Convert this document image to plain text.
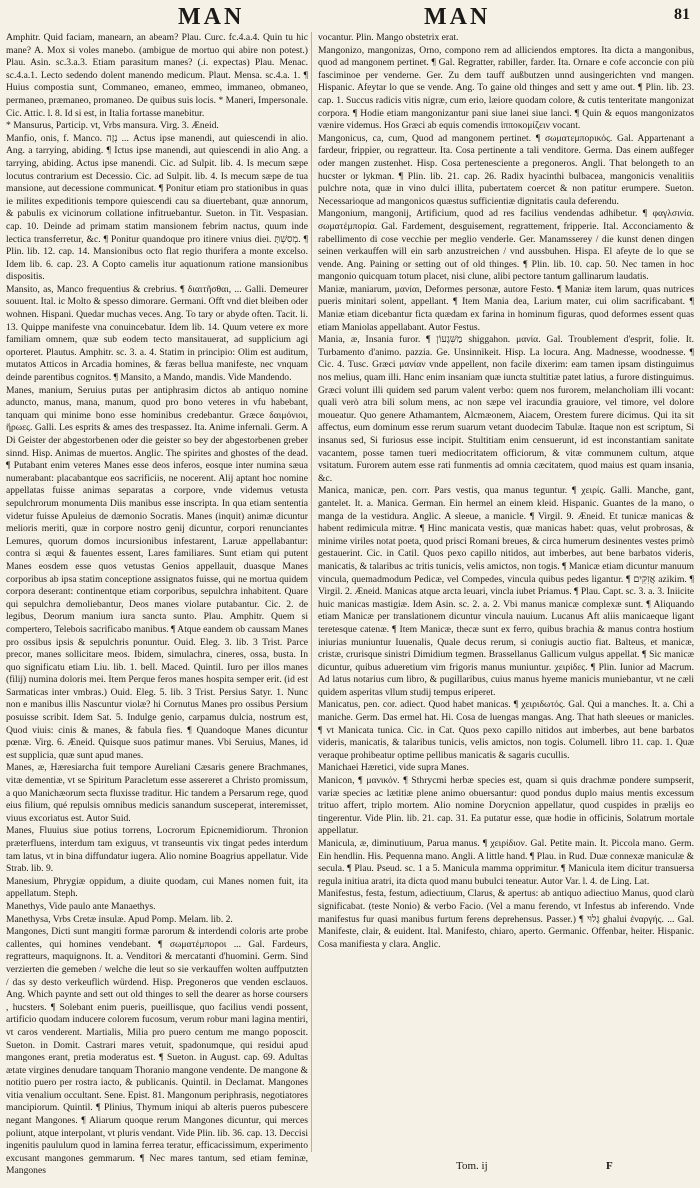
MAN	MAN	81

Amphitr. Quid faciam, manearn, an abeam? Plau. Curc. fc.4.a.4. Quin tu hic mane? A. Mox si voles manebo. (ambigue de mortuo qui abire non potest.) Plau. Asin. sc.3.a.3. Etiam parasitum manes? (.i. expectas) Plau. Menac. sc.4.a.1. Lecto sedendo dolent manendo medicum. Plaut. Mensa. sc.4.a. 1. ¶ Huius compostia sunt, Commaneo, emaneo, emmeo, immaneo, obmaneo, permaneo, præmaneo, promaneo. De quibus suis locis. * Maneri, Impersonale. Cic. Attic. l. 8. Id si est, in Italia fortasse manebitur.

* Mansurus, Particip. vt, Vrbs mansura. Virg. 3. Æneid.

Manfio, onis, f. Manco. נְזָה ... Actus ipse manendi, aut quiescendi in alio. Ang. a tarrying, abiding. ¶ Ictus ipse manendi, aut quiescendi in alio Ang. a tarrying, abiding. Actus ipse manendi. Cic. ad Sulpit. lib. 4. Is mecum sæpe locutus contrarium est Decessio. Cic. ad Sulpit. lib. 4. Is mecum sæpe de tua mansione, aut decessione communicat. ¶ Ponitur etiam pro stationibus in quas ie milites expeditionis tempore quiescendi cau sa diuertebant, quæ annorum, & pabulis ex vicinorum collatione infitruebantur. Sueton. in Tit. Vespasian. cap. 10. Deinde ad primam statim mansionem febrim nactus, quum inde lectica transferretur, &c. ¶ Ponitur quandoque pro itinere vnius diei. מְסִשְׁתָּ. ¶ Plin. lib. 12. cap. 14. Mansionibus octo flat regio thurifera a monte excelso. Idem lib. 6. cap. 23. A Copto camelis itur aquationum ratione mansionibus dispositis.

Mansito, as, Manco frequentius & crebrius. ¶ διαιτῆσθαι, ... Galli. Demeurer souuent. Ital. ic Molto & spesso dimorare. Germani. Offt vnd diet bleiben oder wohnen. Hispani. Quedar muchas veces. Ang. To tary or abyde often. Tacit. li. 13. Quippe manifeste vna conuincebatur. Idem lib. 14. Quum vetere ex more familiam omnem, quæ sub eodem tecto mansitauerat, ad supplicium agi oporteret. Plautus. Amphitr. sc. 3. a. 4. Statim in principio: Olim est auditum, mutatos Atticos in Arcadia homines, & færas bellua manifeste, nec vnquam deinde parentibus cognitos. ¶ Mansito, a Mando, mandis. Vide Mandendo.

Manes, manium, Seruius putas per antiphrasim dictos ab antiquo nomine aduncto, manus, mana, manum, quod pro bono veteres in vfu habebant, tanquam qui minime bono esse hominibus credebantur. Græce δαιμόνιοι, ἥρωες. Galli. Les esprits & ames des trespassez. Ita. Anime infernali. Germ. A Di Geister der abgestorbenen oder die geister so bey der abgestorbenen greber sinnd. Hisp. Animas de muertos. Anglic. The spirites and ghostes of the dead. ¶ Putabant enim veteres Manes esse deos inferos, eosque inter numina sæua numerabant: placabantque eos sacrificiis, ne nocerent. Alij aptant hoc nomine appellatas fuisse animas separatas a corpore, vnde videmus vetusta sepulchrorum monumenta Diis manibus esse inscripta. In qua etiam sententia videtur fuisse Apuleius de dæmonio Socratis. Manes (inquit) animæ dicuntur melioris meriti, quæ in corpore nostro genij dicuntur, corpori renunciantes Lemures, quorum domos incursionibus infestarent, Laruæ appellabantur: contra si æqui & fauentes essent, Lares familiares. Sunt etiam qui putent Manes eosdem esse quos vetustas Genios appellauit, duasque Manes corporibus ab ipsa statim conceptione assignatos fuisse, qui ne mortua quidem corpora deserant: continentque etiam corporibus, sepulchra inhabitent. Quare qui sepulchra demoliebantur, Deos manes violare putabantur. Cic. 2. de legibus, Deorum manium iura sancta sunto. Plau. Amphitr. Quem si compertero, Telebois sacrificabo manibus. ¶ Atque eandem ob caussam Manes pro ossibus ipsis & sepulchris ponuntur. Ouid. Eleg. 3. lib. 3 Trist. Parce precor, manes sollicitare meos. Ibidem, simulachra, cineres, ossa, busta. In quo significatu etiam Liu. lib. 1. bell. Maced. Quintil. Iuro per illos manes (filij) numina doloris mei. Item Perque feros manes hospita semper erit. (id est Sarmaticas inter vmbras.) Ouid. Eleg. 5. lib. 3 Trist. Persius Satyr. 1. Nunc non e manibus illis Nascuntur violæ? hi Cornutus Manes pro ossibus Persium posuisse scribit. Idem Sat. 5. Indulge genio, carpamus dulcia, nostrum est, Quod viuis: cinis & manes, & fabula fies. ¶ Quandoque Manes dicuntur pœnæ. Virg. 6. Æneid. Quisque suos patimur manes. Vbi Seruius, Manes, id est supplicia, quæ sunt apud manes.

Manes, æ, Hæresiarcha fuit tempore Aureliani Cæsaris genere Brachmanes, vitæ dementiæ, vt se Spiritum Paracletum esse assereret a Christo promissum, a quo Manichæorum secta fluxisse traditur. Hic tandem a Persarum rege, quod eius filium, qué repulsis omnibus medicis sanandum susceperat, interemisset, viuus excoriatus est. Autor Suid.

Manes, Fluuius siue potius torrens, Locrorum Epicnemidiorum. Thronion præterfluens, interdum tam exiguus, vt transeuntis vix tingat pedes interdum tam latus, vt in bina diffundatur iugera. Alio nomine Boagrius appellatur. Vide Strab. lib. 9.

Manesium, Phrygiæ oppidum, a diuite quodam, cui Manes nomen fuit, ita appellatum. Steph.

Manethys, Vide paulo ante Manaethys.

Manethysa, Vrbs Cretæ insulæ. Apud Pomp. Melam. lib. 2.

Mangones, Dicti sunt mangiti formæ parorum & interdendi coloris arte probe callentes, qui homines vendebant. ¶ σωματέμποροι ... Gal. Fardeurs, regratteurs, maquignons. It. a. Venditori & mercatanti d'huomini. Germ. Sind verzierten die gemeben / welche die leut so sie verkauffen wolten auffputzten / das sy desto verkeuflich würdend. Hisp. Pregoneros que venden esclauos. Ang. Which paynte and sett out old thinges to sell the dearer as horse coursers , hucsters. ¶ Solebant enim pueris, pueillisque, quo facilius vendi possent, artificio quodam inducere colorem fucosum, verum robur mani lagina mentiri, vt caros venderent. Martialis, Milia pro puero centum me mango poposcit. Sueton. in Domit. Castrari mares vetuit, spadonumque, qui residui apud mangones erant, pretia moderatus est. ¶ Sueton. in August. cap. 69. Adultas ætate virgines denudare tanquam Thoranio mangone vendente. De mangone & notitio puero per rostra iacto, & publicanis. Quintil. in Declamat. Mangones vitia venalium occultant. Sene. Epist. 81. Mangonum periphrasis, negotiatores mancipiorum. Quintil. ¶ Plinius, Thymum iniqui ab alteris pueros pubescere negant Mangones. ¶ Aliarum quoque rerum Mangones dicuntur, qui merces poliunt, atque interpolant, vt pluris vendant. Vide Plin. lib. 36. cap. 13. Deccisi ingenitis paululum quod in lamina ferrea teratur, efficacissimum, experimento excusant mangones gemmarum. ¶ Nec mares tantum, sed etiam feminæ, Mangones

vocantur. Plin. Mango obstetrix erat.

Mangonizo, mangonizas, Orno, compono rem ad alliciendos emptores. Ita dicta a mangonibus, quod ad mangonem pertinet. ¶ Gal. Regratter, rabiller, farder. Ita. Ornare e cofe acconcie con più fasciminoe per venderne. Ger. Zu dem tauff außbutzen unnd ausingerichten vnd mangen. Hispanic. Afeytar lo que se vende. Ang. To gaine old thinges and sett y ame out. ¶ Plin. lib. 23. cap. 1. Succus radicis vitis nigræ, cum erio, læiore quodam colore, & cutis tenteritate mangonizat corpora. ¶ Hodie etiam mangonizantur pani siue lanei siue lanci. ¶ Quin & equos mangonizatos vænire videmus. Hos Græci ab equis comendis ἱπποκομίζειν vocant.

Mangonicus, ca, cum, Quod ad mangonem pertinet. ¶ σωματεμπορικός. Gal. Appartenant a fardeur, frippier, ou regratteur. Ita. Cosa pertinente a tali venditore. Germa. Das einem außfeger oder mangen zustenhet. Hisp. Cosa pertenesciente a pregoneros. Angli. That belongeth to an hucster or lykman. ¶ Plin. lib. 21. cap. 26. Radix hyacinthi bulbacea, mangonicis venalitiis pulchre nota, quæ in vino dulci illita, pubertatem coercet & non patitur erumpere. Sueton. Necessarioque ad mangonicos quæstus sufficientiæ dignitatis caula deferendu.

Mangonium, mangonij, Artificium, quod ad res facilius vendendas adhibetur. ¶ φαγλσινία. σωματέμπορία. Gal. Fardement, desguisement, regrattement, fripperie. Ital. Acconciamento & rabellimento di cose vecchie per meglio venderle. Ger. Manamsserey / die kunst denen dingen seinen verkauffen will ein sarb anzustreichen / vnd aussbuhen. Hispa. El afeyte de lo que se vende. Ang. Paining or setting out of old thinges. ¶ Plin. lib. 10. cap. 50. Nec tamen in hoc mangonio quicquam totum placet, nisi clune, alibi pectore tantum gallinarum laudatis.

Maniæ, maniarum, μανίαι, Deformes personæ, autore Festo. ¶ Maniæ item larum, quas nutrices pueris minitari solent, appellant. ¶ Item Mania dea, Larium mater, cui olim sacrificabant. ¶ Maniæ etiam dicebantur ficta quædam ex farina in hominum figuras, quod deformes essent quas etiam Maniolas appellabant. Autor Festus.

Mania, æ, Insania furor. ¶ מַשִּׁגָעוֹן shiggahon. μανία. Gal. Troublement d'esprit, folie. It. Turbamento d'animo. pazzia. Ge. Unsinnikeit. Hisp. La locura. Ang. Madnesse, woodnesse. ¶ Cic. 4. Tusc. Græci μανίαν vnde appellent, non facile dixerim: eam tamen ipsam distinguimus nos melius, quam illi. Hanc enim insaniam quæ iuncta stultitiæ patet latius, a furore distinguimus. Græci volunt illi quidem sed parum valent verbo: quem nos furorem, melancholiam illi vocant: quali verò atra bili solum mens, ac non sæpe vel iracundia grauiore, vel timore, vel dolore moueatur. Quo genere Athamantem, Alcmæonem, Aiacem, Orestem furere dicimus. Qui ita sit affectus, eum dominum esse rerum suarum vetant duodecim Tabulæ. Itaque non est scriptum, Si insanus sed, Si furiosus esse incipit. Stultitiam enim censuerunt, id est inconstantiam sanitate vacantem, posse tamen tueri mediocritatem officiorum, & vitæ communem cultum, atque vsitatum. Furorem autem esse rati funmentis ad omnia cæcitatem, quod maius est quam insania, &c.

Manica, manicæ, pen. corr. Pars vestis, qua manus teguntur. ¶ χειρίς. Galli. Manche, gant, gantelet. It. a. Manica. German. Ein hermel an einem kleid. Hispanic. Guantes de la mano, o manga de la vestidura. Anglic. A sleeue, a manicle. ¶ Virgil. 9. Æneid. Et tunicæ manicas & habent redimicula mitræ. ¶ Hinc manicata vestis, quæ manicas habet: quas, velut probrosas, & minime viriles notat poeta, quod prisci Romani breues, & circa humerum desinentes vestes primò gestauerint. Cic. in Catil. Quos pexo capillo nitidos, aut imberbes, aut bene barbatos videris, manicatis, & talaribus ac tritis tunicis, velis amictos, non togis. ¶ Manicæ etiam dicuntur manuum vincula, quemadmodum Pedicæ, vel Compedes, vincula quibus pedes ligantur. ¶ אֲזִקִּים azikim. ¶ Virgil. 2. Æneid. Manicas atque arcta leuari, vincla iubet Priamus. ¶ Plau. Capt. sc. 3. a. 3. Iniicite huic manicas mastigiæ. Idem Asin. sc. 2. a. 2. Vbi manus manicæ complexæ sunt. ¶ Aliquando etiam Manicæ per translationem dicuntur vincula nauium. Lucanus Aft aliis manicaeque ligant teretesque catenæ. ¶ Item Manicæ, thecæ sunt ex ferro, quibus brachia & manus contra hostium iniurias muniuntur Iuuenalis, Quale decus rerum, si coniugis auctio fiat. Balteus, et manicæ, cristæ, crurisque sinistri Dimidium tegmen. Brassellanus Gallicum vulgus appellat. ¶ Sic manicæ dicuntur, quibus adueretium vim frigoris manus muniuntur. χειρίδες. ¶ Plin. Iunior ad Macrum. Ad latus notarius cum libro, & pugillaribus, cuius manus hyeme manicis muniebantur, vt ne cæli quidem asperitas vllum studij tempus eriperet.

Manicatus, pen. cor. adiect. Quod habet manicas. ¶ χειριδωτός. Gal. Qui a manches. It. a. Chi a maniche. Germ. Das ermel hat. Hi. Cosa de luengas mangas. Ang. That hath sleeues or manicles. ¶ vt Manicata tunica. Cic. in Cat. Quos pexo capillo nitidos aut imberbes, aut bene barbatos videris, manicatis, & talaribus tunicis, velis amictos, non togis. Columell. libro 11. cap. 1. Quæ veraque prohibeatur optime pellibus manicatis & sagaris cucullis.

Manichaei Hæretici, vide supra Manes.

Manicon, ¶ μανικόν. ¶ Sthrycmi herbæ species est, quam si quis drachmæ pondere sumpserit, variæ species ac lætitiæ plene animo obuersantur: quod pondus duplo maius mentis excessum trituo affert, triplo mortem. Alio nomine Dorycnion appellatur, quod cuspides in prælijs eo tingerentur. Vide Plin. lib. 21. cap. 31. Ea putatur esse, quæ hodie in officinis, Solatrum mortale appellatur.

Manicula, æ, diminutiuum, Parua manus. ¶ χειρίδιον. Gal. Petite main. It. Piccola mano. Germ. Ein hendlin. His. Pequenna mano. Angli. A little hand. ¶ Plau. in Rud. Duæ connexæ maniculæ & secula. ¶ Plau. Pseud. sc. 1 a 5. Manicula mamma opprimitur. ¶ Manicula item dicitur transuersa regula initiua aratri, ita dicta quod manu bubulci teneatur. Autor Var. l. 4. de Ling. Lat.

Manifestus, festa, festum, adiectiuum, Clarus, & apertus: ab antiquo adiectiuo Manus, quod clarù significabat. (teste Nonio) & verbo Facio. (Vel a manu ferendo, vt Infestus ab inferendo. Vnde manifestus fur quasi manibus furtum ferens deprehensus. Passer.) ¶ גָּלוּי ghalui ἐναργής. ... Gal. Manifeste, clair, & euident. Ital. Manifesto, chiaro, aperto. Germanic. Offenbar, heiter. Hispanic. Cosa manifiesta y clara. Anglic.

Tom. ij	F
